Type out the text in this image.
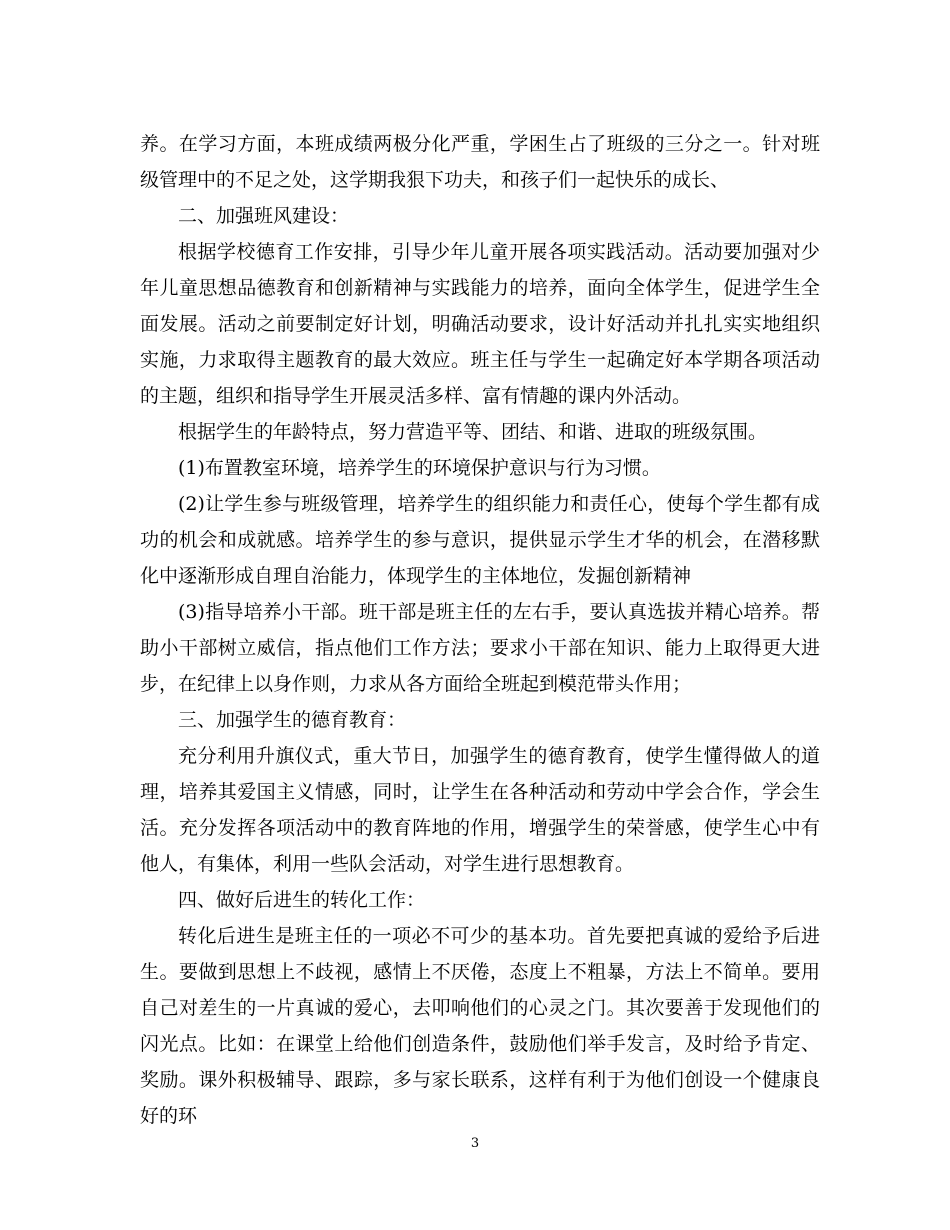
养。在学习方面，本班成绩两极分化严重，学困生占了班级的三分之一。针对班级管理中的不足之处，这学期我狠下功夫，和孩子们一起快乐的成长、

二、加强班风建设：

根据学校德育工作安排，引导少年儿童开展各项实践活动。活动要加强对少年儿童思想品德教育和创新精神与实践能力的培养，面向全体学生，促进学生全面发展。活动之前要制定好计划，明确活动要求，设计好活动并扎扎实实地组织实施，力求取得主题教育的最大效应。班主任与学生一起确定好本学期各项活动的主题，组织和指导学生开展灵活多样、富有情趣的课内外活动。

根据学生的年龄特点，努力营造平等、团结、和谐、进取的班级氛围。

(1)布置教室环境，培养学生的环境保护意识与行为习惯。

(2)让学生参与班级管理，培养学生的组织能力和责任心，使每个学生都有成功的机会和成就感。培养学生的参与意识，提供显示学生才华的机会，在潜移默化中逐渐形成自理自治能力，体现学生的主体地位，发掘创新精神

(3)指导培养小干部。班干部是班主任的左右手，要认真选拔并精心培养。帮助小干部树立威信，指点他们工作方法；要求小干部在知识、能力上取得更大进步，在纪律上以身作则，力求从各方面给全班起到模范带头作用；

三、加强学生的德育教育：

充分利用升旗仪式，重大节日，加强学生的德育教育，使学生懂得做人的道理，培养其爱国主义情感，同时，让学生在各种活动和劳动中学会合作，学会生活。充分发挥各项活动中的教育阵地的作用，增强学生的荣誉感，使学生心中有他人，有集体，利用一些队会活动，对学生进行思想教育。

四、做好后进生的转化工作：

转化后进生是班主任的一项必不可少的基本功。首先要把真诚的爱给予后进生。要做到思想上不歧视，感情上不厌倦，态度上不粗暴，方法上不简单。要用自己对差生的一片真诚的爱心，去叩响他们的心灵之门。其次要善于发现他们的闪光点。比如：在课堂上给他们创造条件，鼓励他们举手发言，及时给予肯定、奖励。课外积极辅导、跟踪，多与家长联系，这样有利于为他们创设一个健康良好的环

3
